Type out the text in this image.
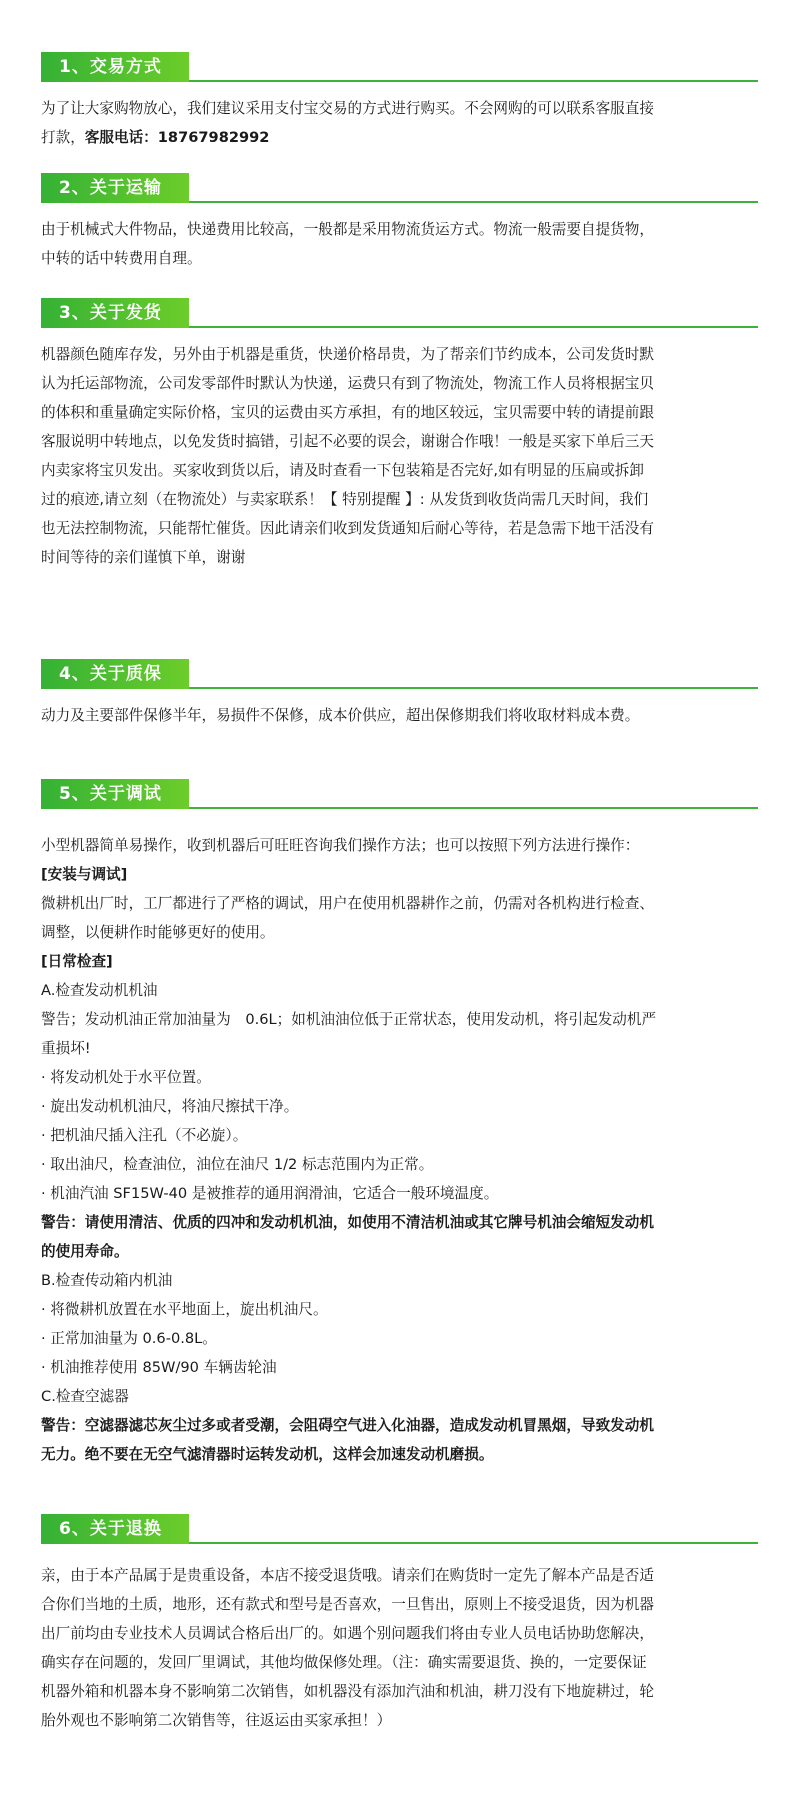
1、交易方式

为了让大家购物放心，我们建议采用支付宝交易的方式进行购买。不会网购的可以联系客服直接

打款，客服电话：18767982992

2、关于运输

由于机械式大件物品，快递费用比较高，一般都是采用物流货运方式。物流一般需要自提货物，

中转的话中转费用自理。

3、关于发货

机器颜色随库存发，另外由于机器是重货，快递价格昂贵，为了帮亲们节约成本，公司发货时默

认为托运部物流，公司发零部件时默认为快递，运费只有到了物流处，物流工作人员将根据宝贝

的体积和重量确定实际价格，宝贝的运费由买方承担，有的地区较远，宝贝需要中转的请提前跟

客服说明中转地点，以免发货时搞错，引起不必要的误会，谢谢合作哦！一般是买家下单后三天

内卖家将宝贝发出。买家收到货以后，请及时查看一下包装箱是否完好,如有明显的压扁或拆卸

过的痕迹,请立刻（在物流处）与卖家联系！【 特别提醒 】: 从发货到收货尚需几天时间，我们

也无法控制物流，只能帮忙催货。因此请亲们收到发货通知后耐心等待，若是急需下地干活没有

时间等待的亲们谨慎下单，谢谢

4、关于质保

动力及主要部件保修半年，易损件不保修，成本价供应，超出保修期我们将收取材料成本费。

5、关于调试

小型机器简单易操作，收到机器后可旺旺咨询我们操作方法；也可以按照下列方法进行操作：

[安装与调试]

微耕机出厂时，工厂都进行了严格的调试，用户在使用机器耕作之前，仍需对各机构进行检查、

调整，以便耕作时能够更好的使用。

[日常检查]

A.检查发动机机油

警告；发动机油正常加油量为　0.6L；如机油油位低于正常状态，使用发动机，将引起发动机严

重损坏!

· 将发动机处于水平位置。

· 旋出发动机机油尺，将油尺擦拭干净。

· 把机油尺插入注孔（不必旋）。

· 取出油尺，检查油位，油位在油尺 1/2 标志范围内为正常。

· 机油汽油 SF15W-40 是被推荐的通用润滑油，它适合一般环境温度。

警告：请使用清洁、优质的四冲和发动机机油，如使用不清洁机油或其它牌号机油会缩短发动机

的使用寿命。

B.检查传动箱内机油

· 将微耕机放置在水平地面上，旋出机油尺。

· 正常加油量为 0.6-0.8L。

· 机油推荐使用 85W/90 车辆齿轮油

C.检查空滤器

警告：空滤器滤芯灰尘过多或者受潮，会阻碍空气进入化油器，造成发动机冒黑烟，导致发动机

无力。绝不要在无空气滤清器时运转发动机，这样会加速发动机磨损。

6、关于退换

亲，由于本产品属于是贵重设备，本店不接受退货哦。请亲们在购货时一定先了解本产品是否适

合你们当地的土质，地形，还有款式和型号是否喜欢，一旦售出，原则上不接受退货，因为机器

出厂前均由专业技术人员调试合格后出厂的。如遇个别问题我们将由专业人员电话协助您解决，

确实存在问题的，发回厂里调试，其他均做保修处理。（注：确实需要退货、换的，一定要保证

机器外箱和机器本身不影响第二次销售，如机器没有添加汽油和机油，耕刀没有下地旋耕过，轮

胎外观也不影响第二次销售等，往返运由买家承担！）
